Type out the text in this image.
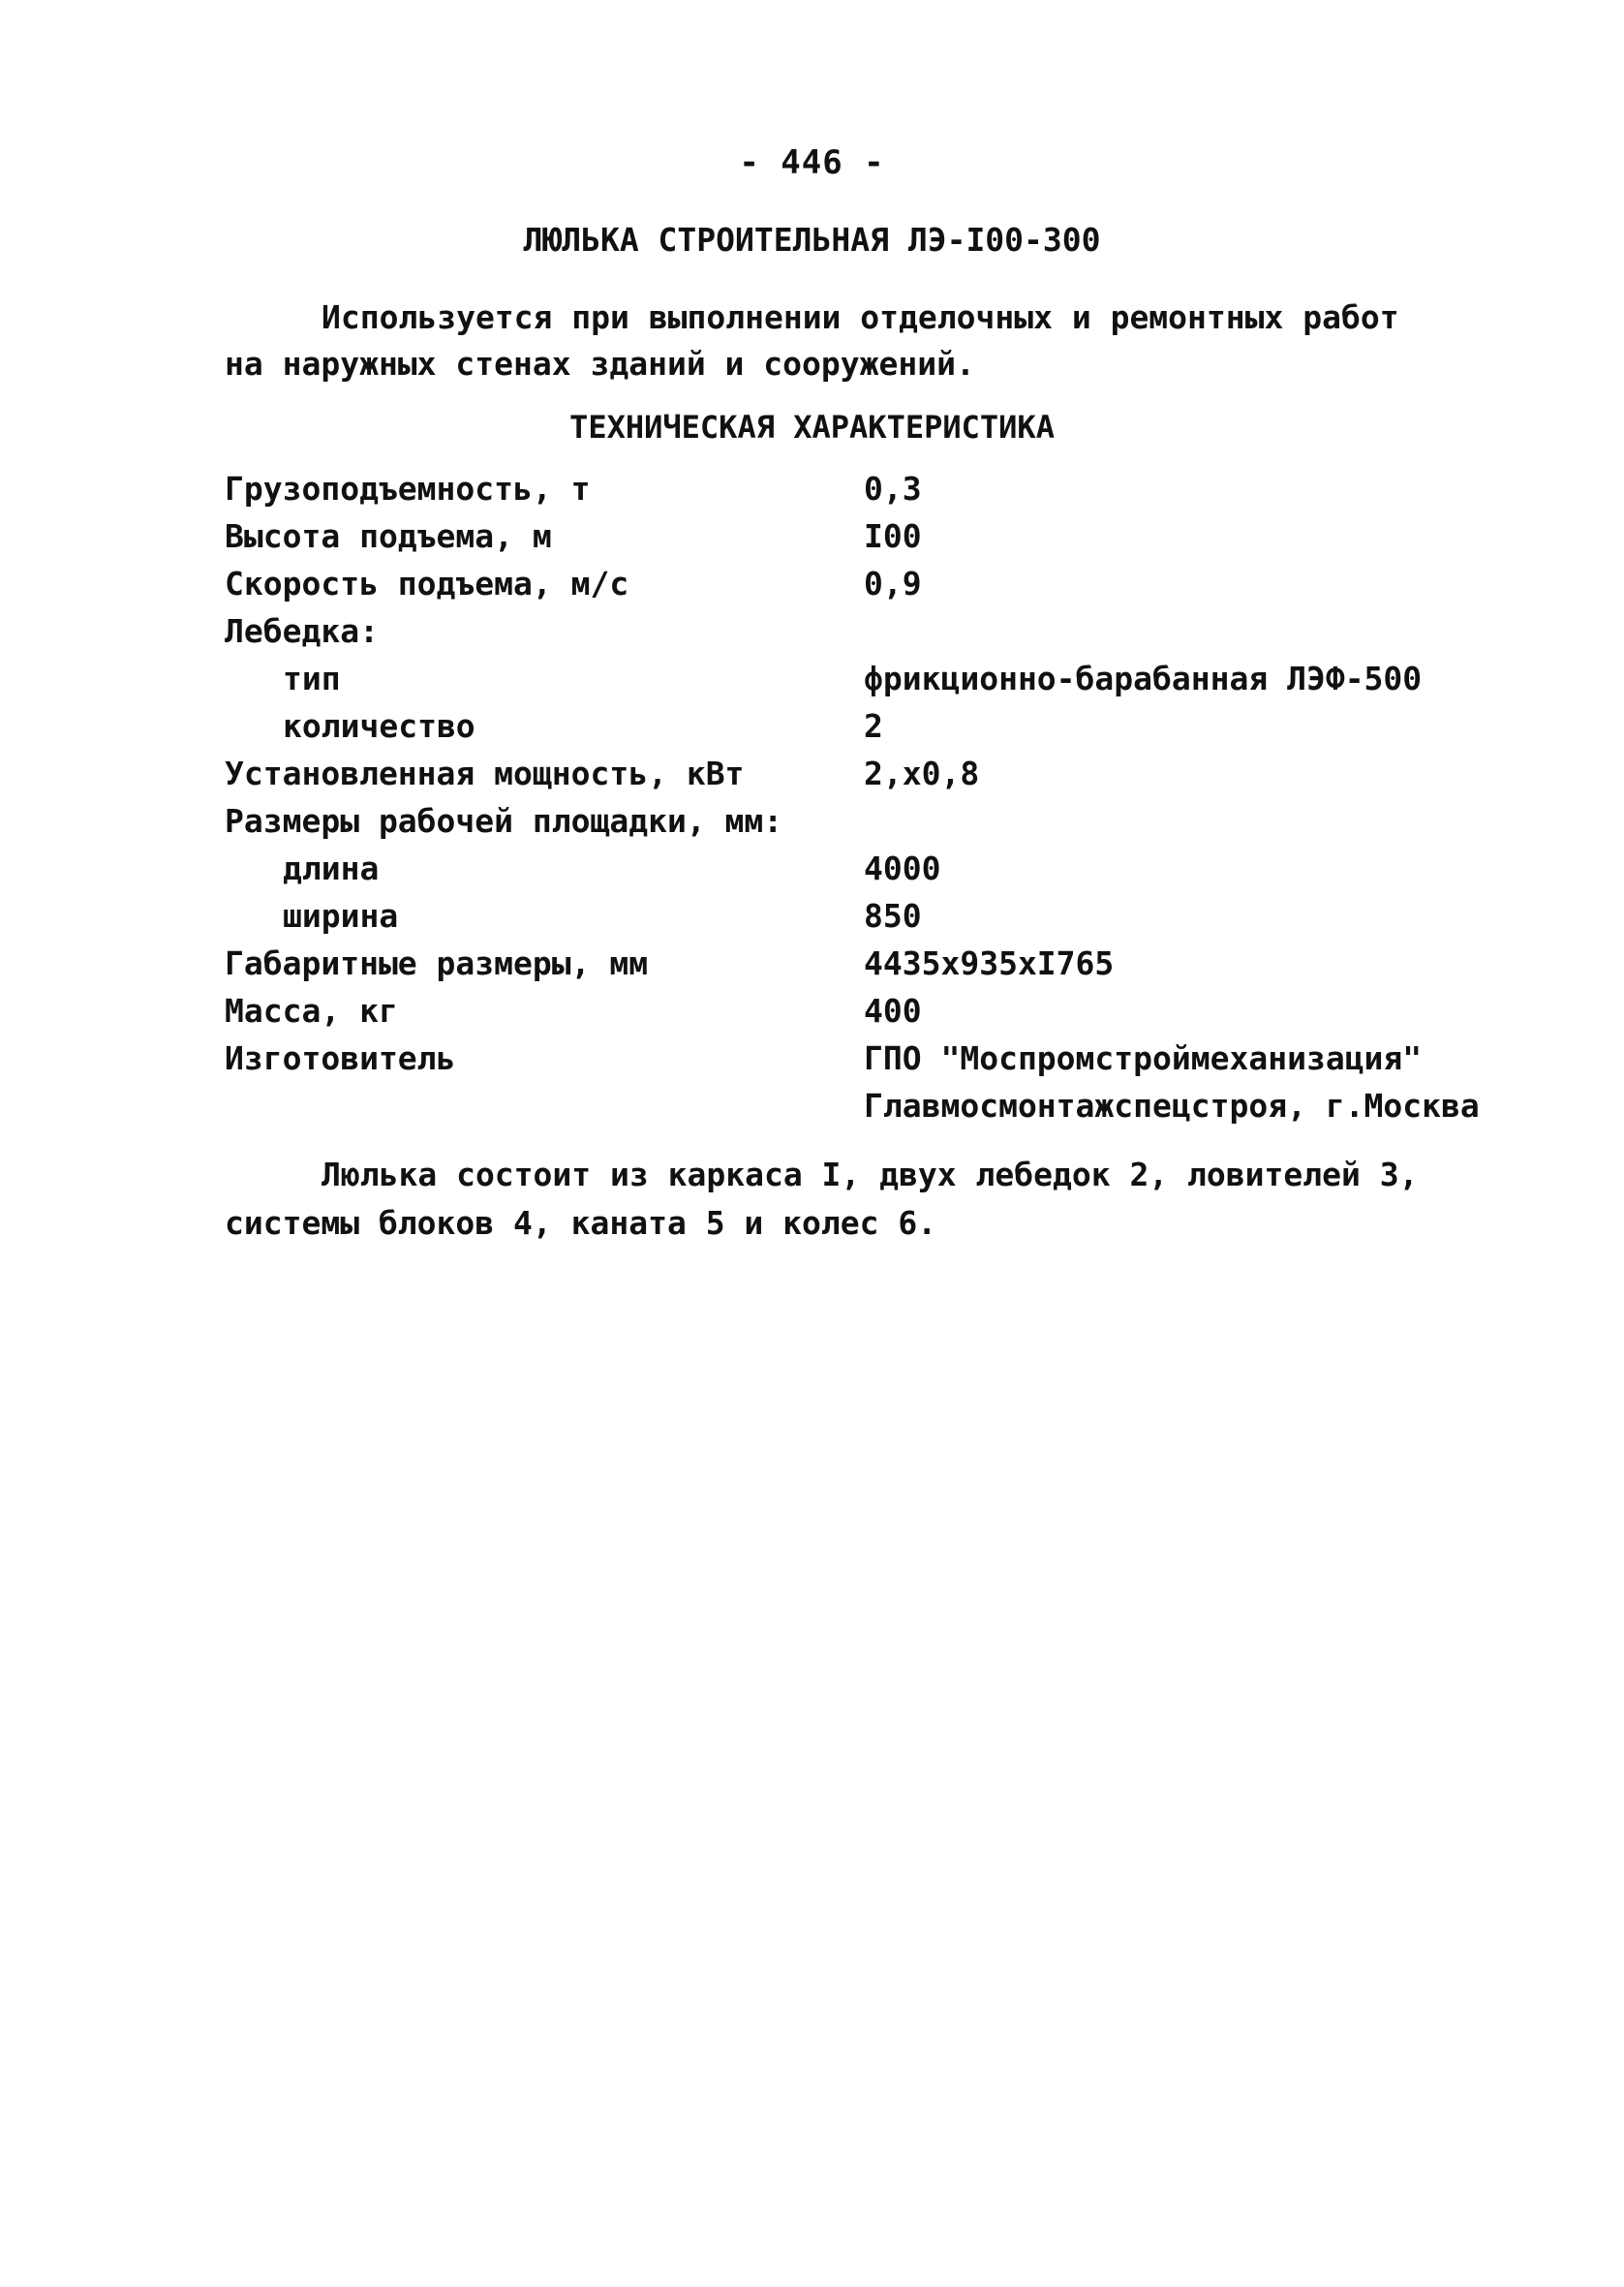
- 446 -
ЛЮЛЬКА СТРОИТЕЛЬНАЯ ЛЭ-I00-300

Используется при выполнении отделочных и ремонтных работ
на наружных стенах зданий и сооружений.

ТЕХНИЧЕСКАЯ ХАРАКТЕРИСТИКА
Грузоподъемность, т	0,3
Высота подъема, м	I00
Скорость подъема, м/с	0,9
Лебедка:
тип	фрикционно-барабанная ЛЭФ-500
количество	2
Установленная мощность, кВт	2,x0,8
Размеры рабочей площадки, мм:
длина	4000
ширина	850
Габаритные размеры, мм	4435x935xI765
Масса, кг	400
Изготовитель	ГПО "Моспромстроймеханизация"
Главмосмонтажспецстроя, г.Москва

Люлька состоит из каркаса I, двух лебедок 2, ловителей 3,
системы блоков 4, каната 5 и колес 6.
